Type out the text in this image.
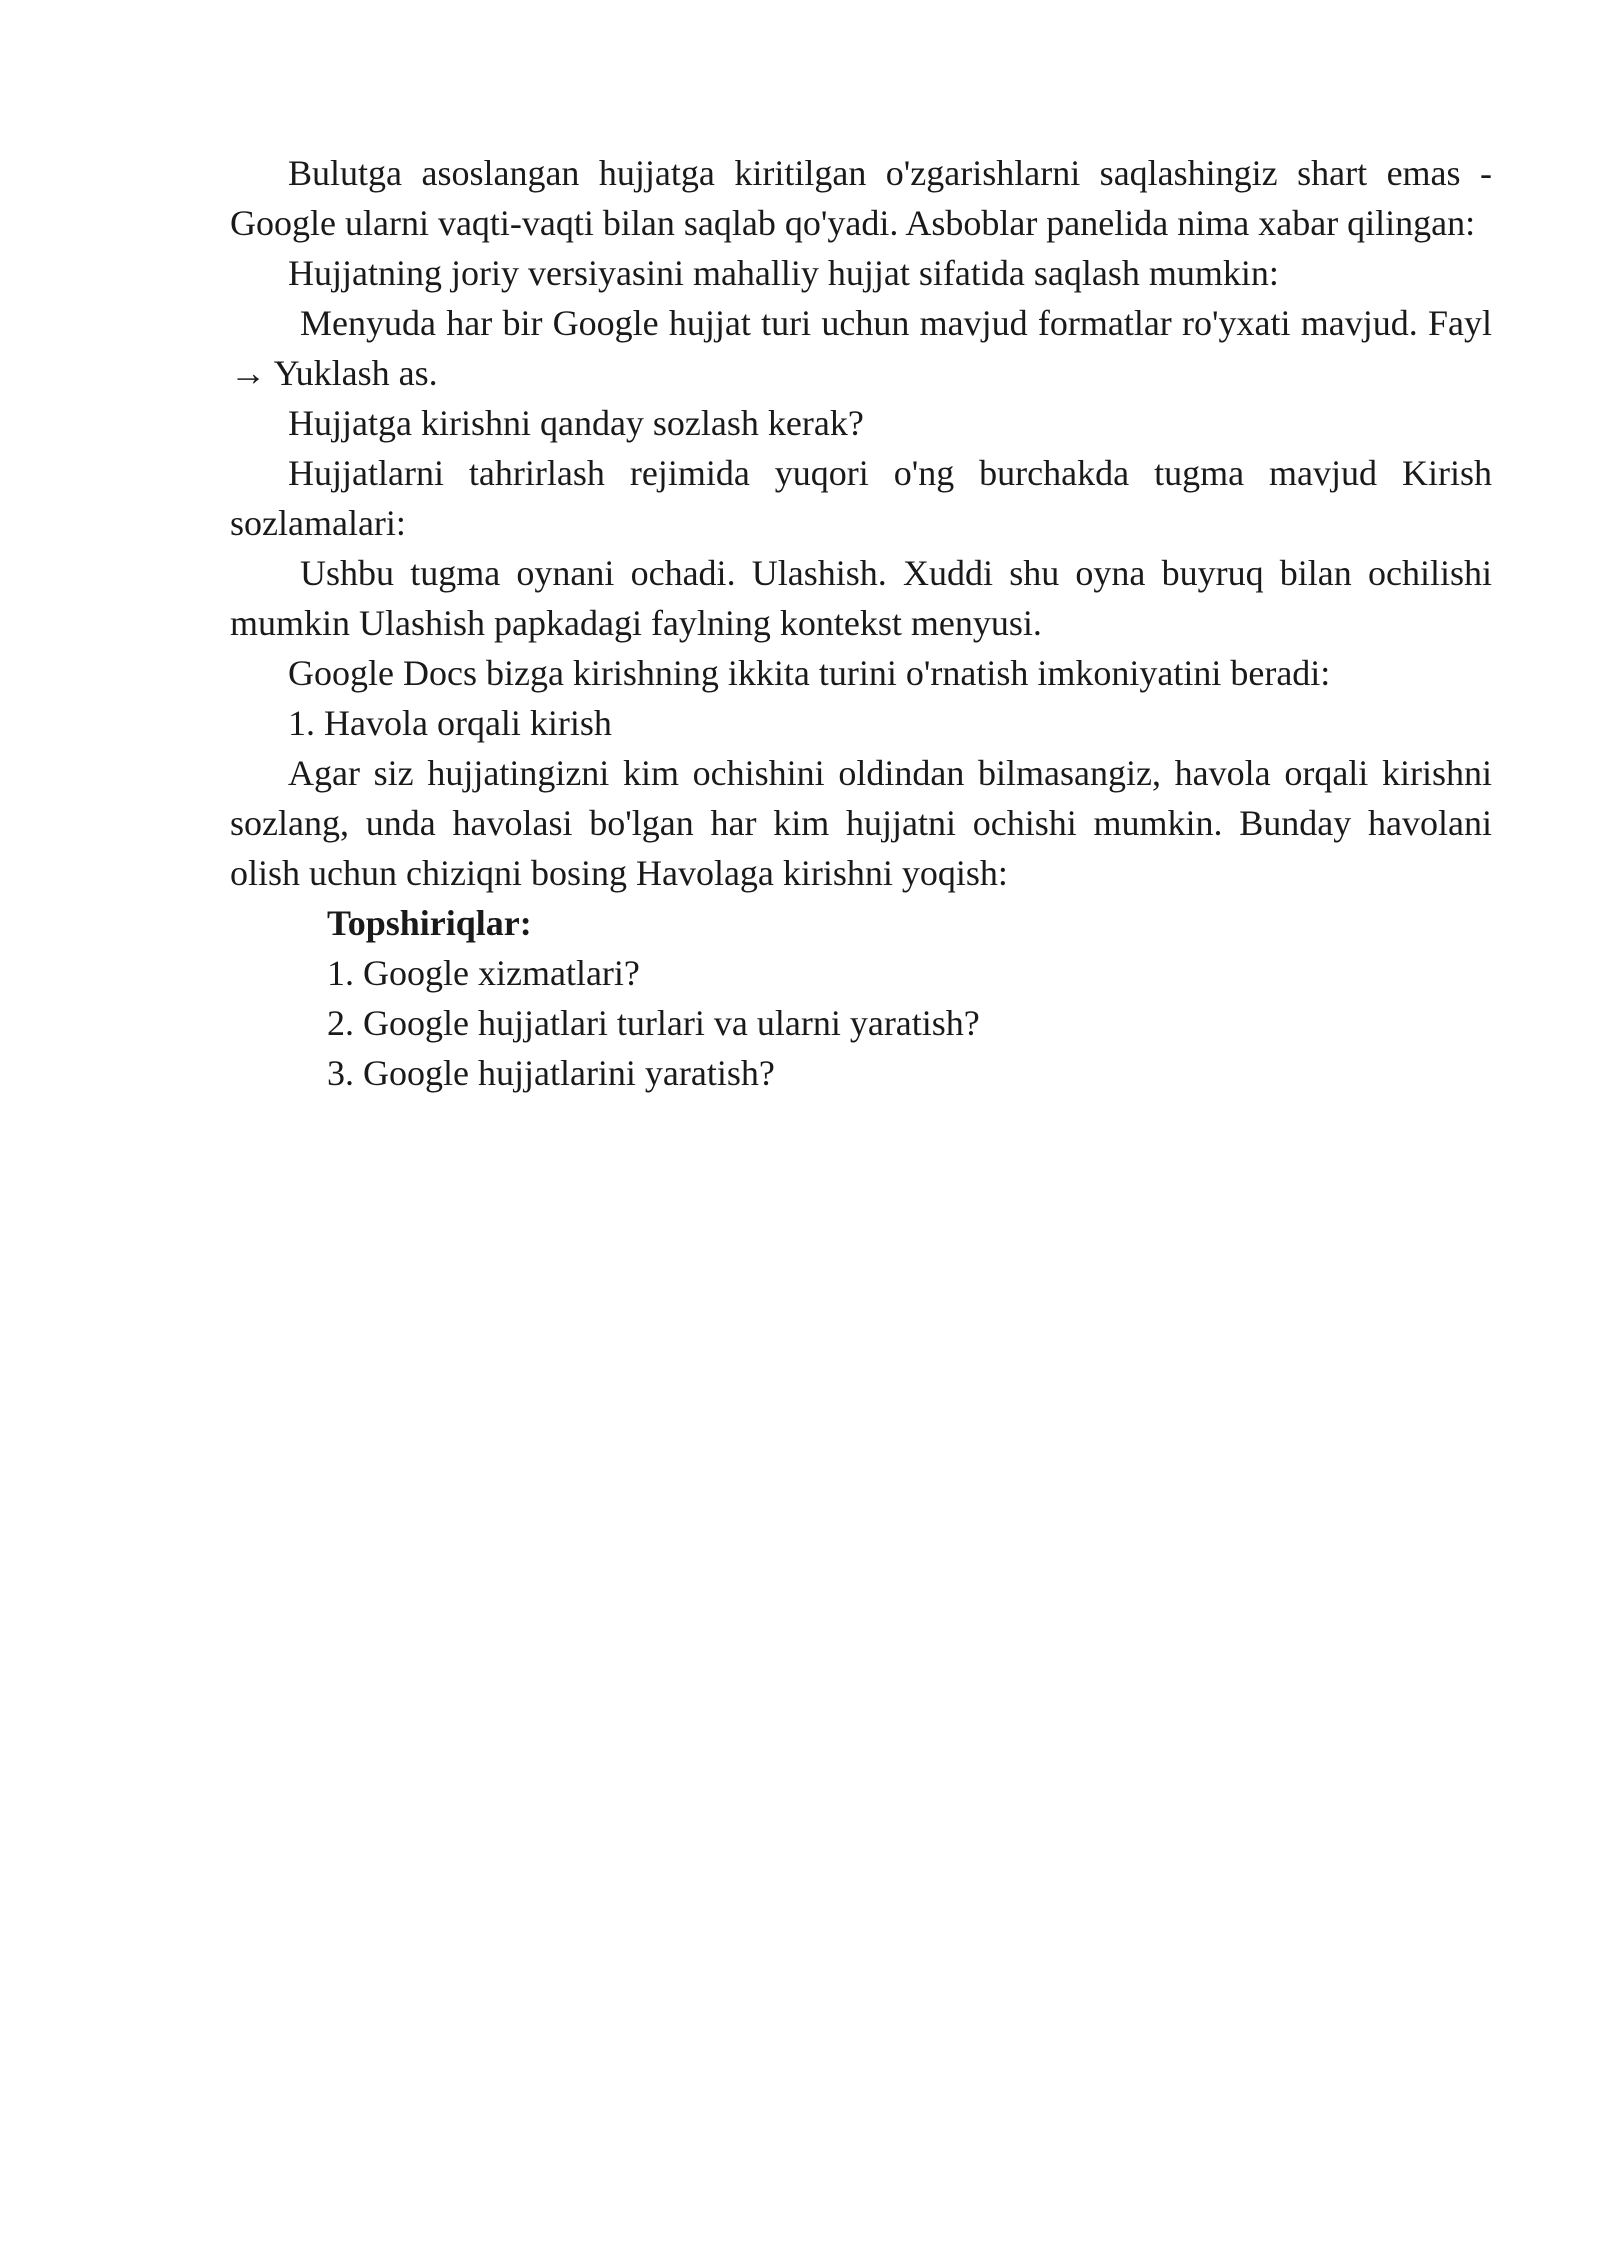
Bulutga asoslangan hujjatga kiritilgan o'zgarishlarni saqlashingiz shart emas - Google ularni vaqti-vaqti bilan saqlab qo'yadi. Asboblar panelida nima xabar qilingan:

Hujjatning joriy versiyasini mahalliy hujjat sifatida saqlash mumkin:

Menyuda har bir Google hujjat turi uchun mavjud formatlar ro'yxati mavjud. Fayl → Yuklash as.

Hujjatga kirishni qanday sozlash kerak?

Hujjatlarni tahrirlash rejimida yuqori o'ng burchakda tugma mavjud Kirish sozlamalari:

Ushbu tugma oynani ochadi. Ulashish. Xuddi shu oyna buyruq bilan ochilishi mumkin Ulashish papkadagi faylning kontekst menyusi.

Google Docs bizga kirishning ikkita turini o'rnatish imkoniyatini beradi:

1. Havola orqali kirish

Agar siz hujjatingizni kim ochishini oldindan bilmasangiz, havola orqali kirishni sozlang, unda havolasi bo'lgan har kim hujjatni ochishi mumkin. Bunday havolani olish uchun chiziqni bosing Havolaga kirishni yoqish:

Topshiriqlar:

1. Google xizmatlari?

2. Google hujjatlari turlari va ularni yaratish?

3. Google hujjatlarini yaratish?
